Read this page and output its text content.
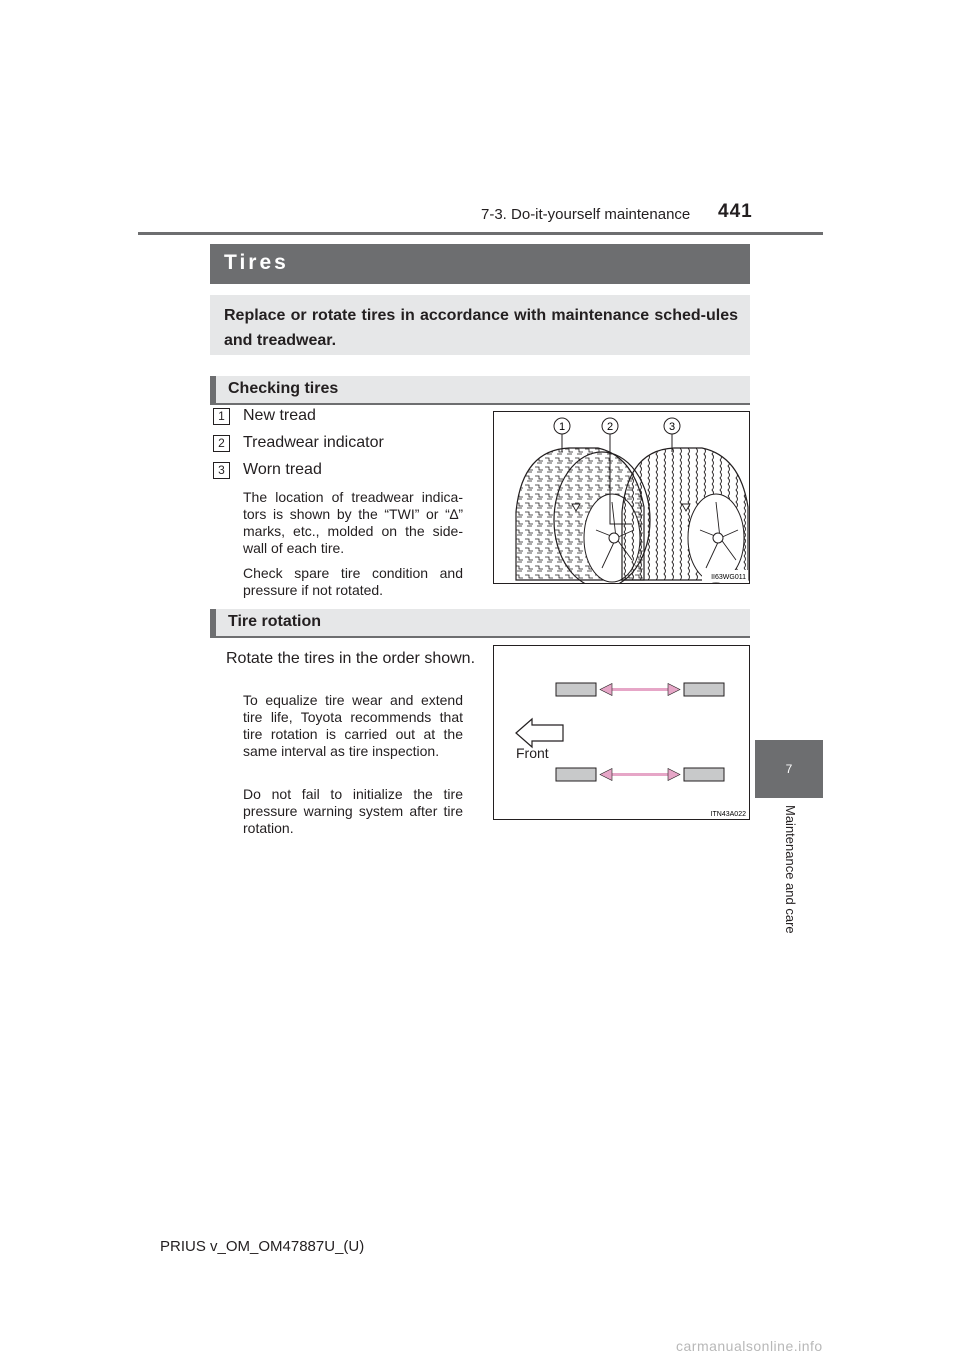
7-3. Do-it-yourself maintenance 441
7
Maintenance and care
Tires

Replace or rotate tires in accordance with maintenance sched-ules and treadwear.

Checking tires
1	New tread
2	Treadwear indicator
3	Worn tread

The location of treadwear indica-tors is shown by the “TWI” or “∆” marks, etc., molded on the side-wall of each tire.

Check spare tire condition and pressure if not rotated.

1	2	3
II63WG011
Tire rotation

Rotate the tires in the order shown.

To equalize tire wear and extend tire life, Toyota recommends that tire rotation is carried out at the same interval as tire inspection.

Do not fail to initialize the tire pressure warning system after tire rotation.

Front
ITN43A022
PRIUS v_OM_OM47887U_(U)
carmanualsonline.info
